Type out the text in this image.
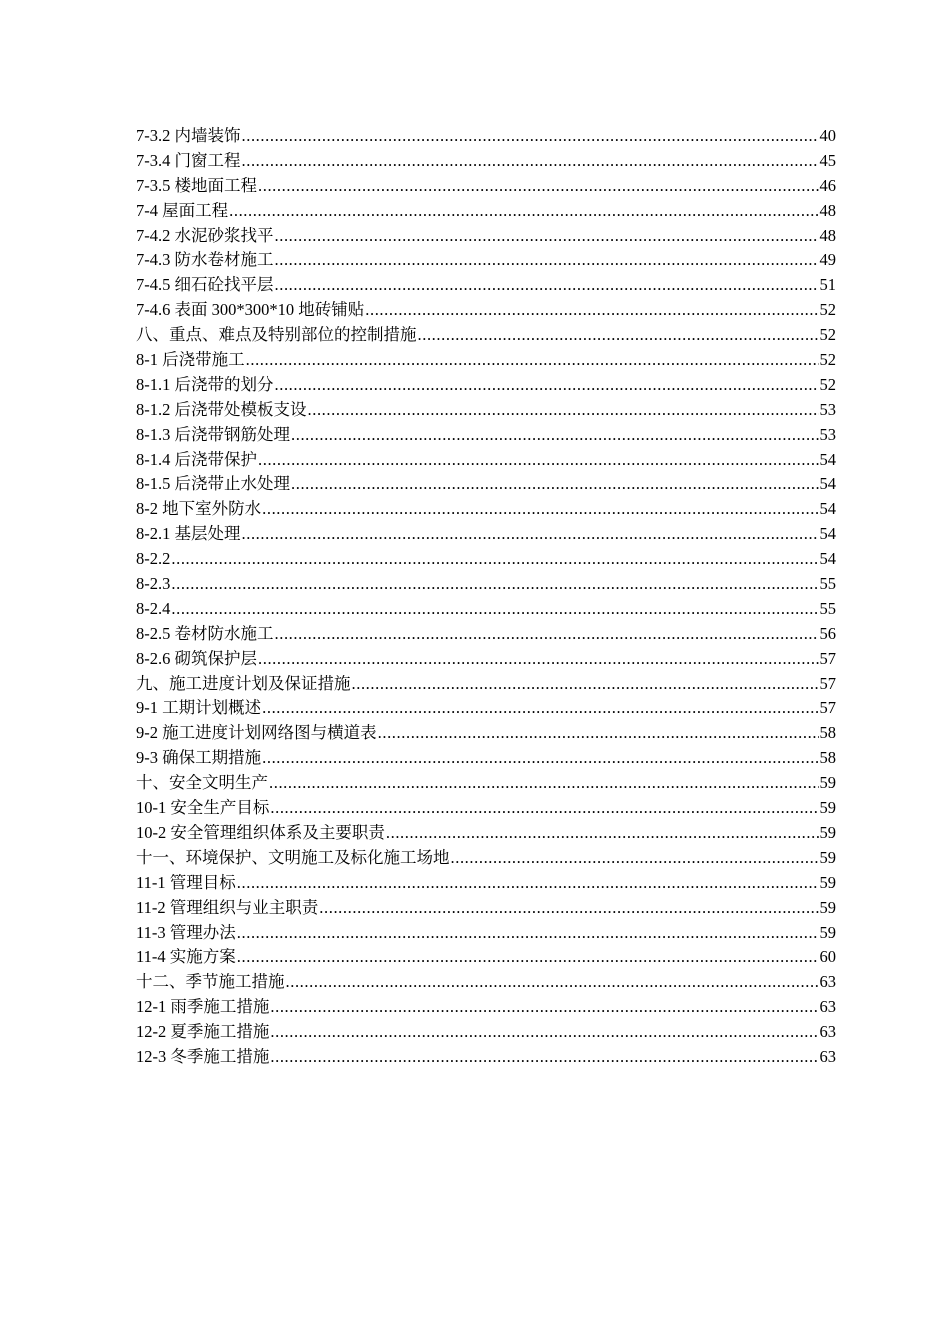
7-3.2 内墙装饰 .....	40
7-3.4 门窗工程 .....	45
7-3.5 楼地面工程 .....	46
7-4 屋面工程 .....	48
7-4.2 水泥砂浆找平 .....	48
7-4.3 防水卷材施工 .....	49
7-4.5 细石砼找平层 .....	51
7-4.6 表面 300*300*10 地砖铺贴 .....	52
八、重点、难点及特别部位的控制措施 .....	52
8-1 后浇带施工 .....	52
8-1.1 后浇带的划分 .....	52
8-1.2 后浇带处模板支设 .....	53
8-1.3 后浇带钢筋处理 .....	53
8-1.4 后浇带保护 .....	54
8-1.5 后浇带止水处理 .....	54
8-2 地下室外防水 .....	54
8-2.1 基层处理 .....	54
8-2.2 .....	54
8-2.3 .....	55
8-2.4 .....	55
8-2.5 卷材防水施工 .....	56
8-2.6 砌筑保护层 .....	57
九、施工进度计划及保证措施 .....	57
9-1 工期计划概述 .....	57
9-2 施工进度计划网络图与横道表 .....	58
9-3 确保工期措施 .....	58
十、安全文明生产 .....	59
10-1 安全生产目标 .....	59
10-2 安全管理组织体系及主要职责 .....	59
十一、环境保护、文明施工及标化施工场地 .....	59
11-1 管理目标 .....	59
11-2 管理组织与业主职责 .....	59
11-3 管理办法 .....	59
11-4 实施方案 .....	60
十二、季节施工措施 .....	63
12-1 雨季施工措施 .....	63
12-2 夏季施工措施 .....	63
12-3 冬季施工措施 .....	63
